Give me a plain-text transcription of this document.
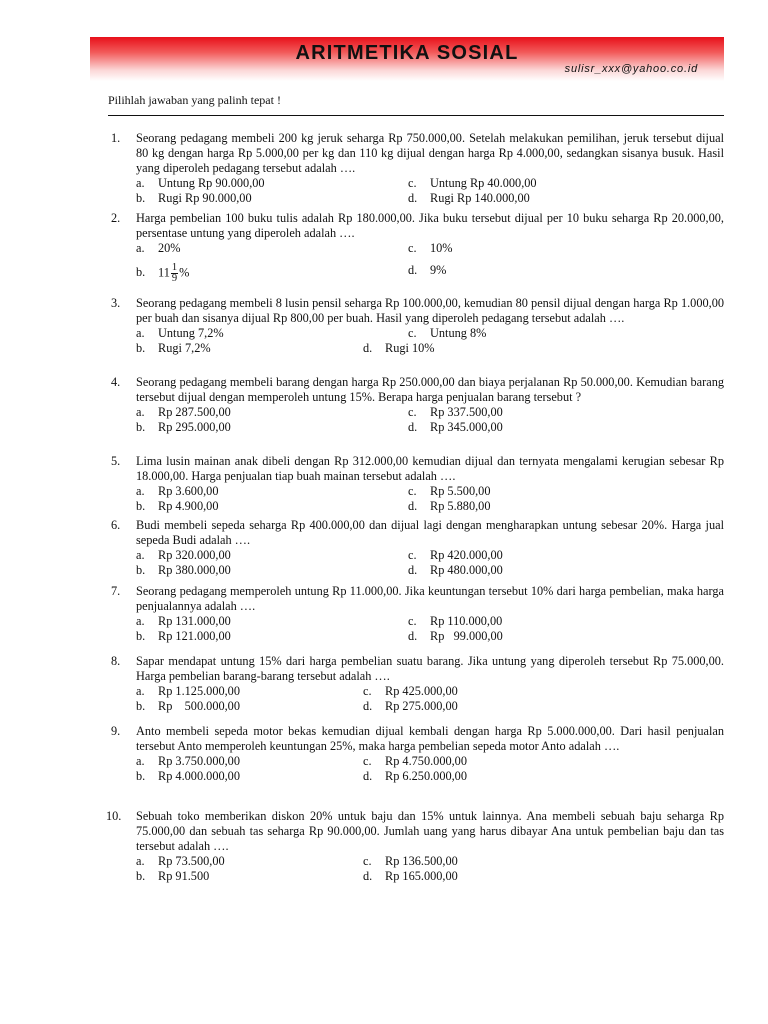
ARITMETIKA SOSIAL
sulisr_xxx@yahoo.co.id
Pilihlah jawaban yang palinh tepat !
1. Seorang pedagang membeli 200 kg jeruk seharga Rp 750.000,00. Setelah melakukan pemilihan, jeruk tersebut dijual 80 kg dengan harga Rp 5.000,00 per kg dan 110 kg dijual dengan harga Rp 4.000,00, sedangkan sisanya busuk. Hasil yang diperoleh pedagang tersebut adalah ….
a. Untung Rp 90.000,00	c. Untung Rp 40.000,00
b. Rugi Rp 90.000,00	d. Rugi Rp 140.000,00
2. Harga pembelian 100 buku tulis adalah Rp 180.000,00. Jika buku tersebut dijual per 10 buku seharga Rp 20.000,00, persentase untung yang diperoleh adalah ….
a. 20%	c. 10%
b. $11 \frac{1}{9}$ %	d. 9%
3. Seorang pedagang membeli 8 lusin pensil seharga Rp 100.000,00, kemudian 80 pensil dijual dengan harga Rp 1.000,00 per buah dan sisanya dijual Rp 800,00 per buah. Hasil yang diperoleh pedagang tersebut adalah ….
a. Untung 7,2%	c. Untung 8%
b. Rugi 7,2%	d. Rugi 10%
4. Seorang pedagang membeli barang dengan harga Rp 250.000,00 dan biaya perjalanan Rp 50.000,00. Kemudian barang tersebut dijual dengan memperoleh untung 15%. Berapa harga penjualan barang tersebut ?
a. Rp 287.500,00	c. Rp 337.500,00
b. Rp 295.000,00	d. Rp 345.000,00
5. Lima lusin mainan anak dibeli dengan Rp 312.000,00 kemudian dijual dan ternyata mengalami kerugian sebesar Rp 18.000,00. Harga penjualan tiap buah mainan tersebut adalah ….
a. Rp 3.600,00	c. Rp 5.500,00
b. Rp 4.900,00	d. Rp 5.880,00
6. Budi membeli sepeda seharga Rp 400.000,00 dan dijual lagi dengan mengharapkan untung sebesar 20%. Harga jual sepeda Budi adalah ….
a. Rp 320.000,00	c. Rp 420.000,00
b. Rp 380.000,00	d. Rp 480.000,00
7. Seorang pedagang memperoleh untung Rp 11.000,00. Jika keuntungan tersebut 10% dari harga pembelian, maka harga penjualannya adalah ….
a. Rp 131.000,00	c. Rp 110.000,00
b. Rp 121.000,00	d. Rp   99.000,00
8. Sapar mendapat untung 15% dari harga pembelian suatu barang. Jika untung yang diperoleh tersebut Rp 75.000,00. Harga pembelian barang-barang tersebut adalah ….
a. Rp 1.125.000,00	c. Rp 425.000,00
b. Rp    500.000,00	d. Rp 275.000,00
9. Anto membeli sepeda motor bekas kemudian dijual kembali dengan harga Rp 5.000.000,00. Dari hasil penjualan tersebut Anto memperoleh keuntungan 25%, maka harga pembelian sepeda motor Anto adalah ….
a. Rp 3.750.000,00	c. Rp 4.750.000,00
b. Rp 4.000.000,00	d. Rp 6.250.000,00
10. Sebuah toko memberikan diskon 20% untuk baju dan 15% untuk lainnya. Ana membeli sebuah baju seharga Rp 75.000,00 dan sebuah tas seharga Rp 90.000,00. Jumlah uang yang harus dibayar Ana untuk pembelian baju dan tas tersebut adalah ….
a. Rp 73.500,00	c. Rp 136.500,00
b. Rp 91.500	d. Rp 165.000,00
